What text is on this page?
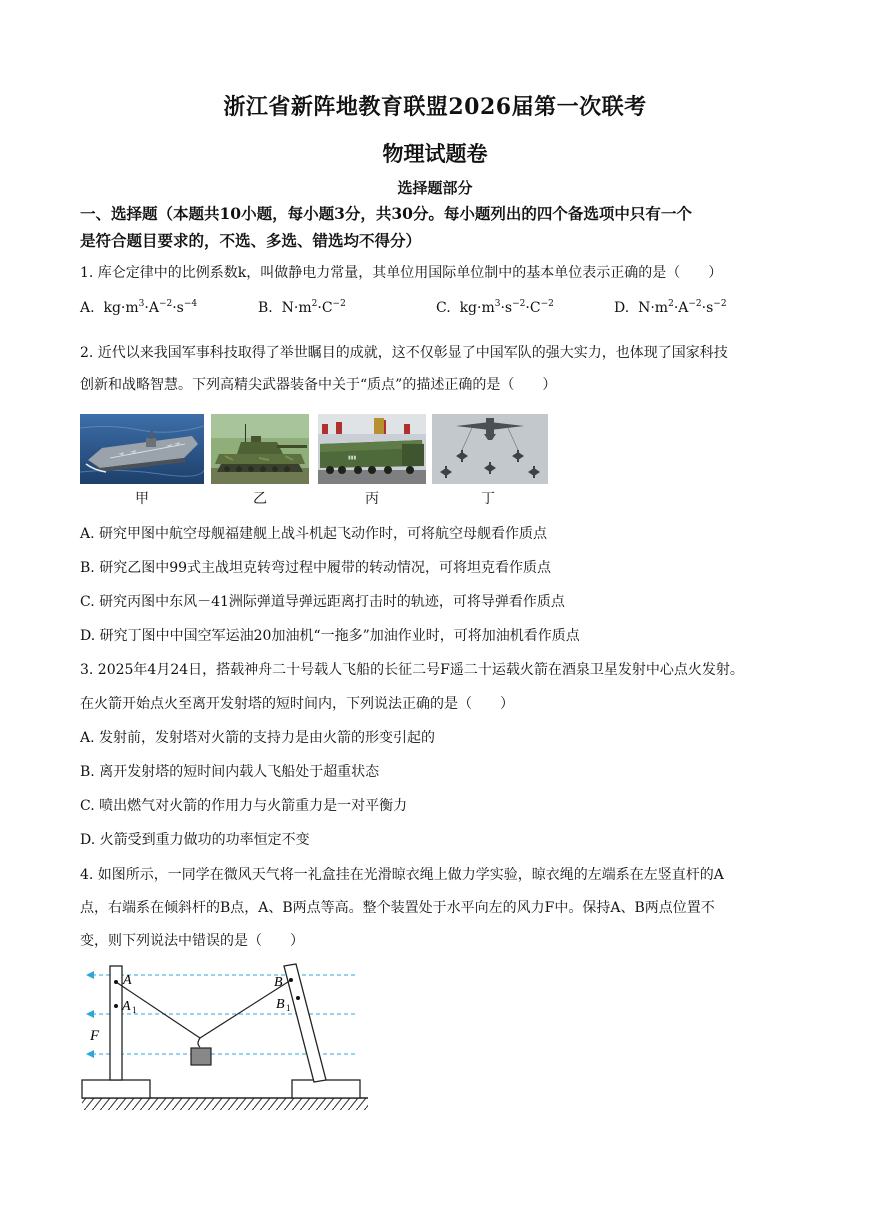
浙江省新阵地教育联盟2026届第一次联考
物理试题卷
选择题部分
一、选择题（本题共10小题，每小题3分，共30分。每小题列出的四个备选项中只有一个
是符合题目要求的，不选、多选、错选均不得分）
1. 库仑定律中的比例系数k，叫做静电力常量，其单位用国际单位制中的基本单位表示正确的是（　　）
A. $kg\cdot m^3\cdot A^{-2}\cdot s^{-4}$	B. $N\cdot m^2\cdot C^{-2}$	C. $kg\cdot m^3\cdot s^{-2}\cdot C^{-2}$	D. $N\cdot m^2\cdot A^{-2}\cdot s^{-2}$
2. 近代以来我国军事科技取得了举世瞩目的成就，这不仅彰显了中国军队的强大实力，也体现了国家科技
创新和战略智慧。下列高精尖武器装备中关于“质点”的描述正确的是（　　）
▮▮▮
甲	乙	丙	丁
A. 研究甲图中航空母舰福建舰上战斗机起飞动作时，可将航空母舰看作质点
B. 研究乙图中99式主战坦克转弯过程中履带的转动情况，可将坦克看作质点
C. 研究丙图中东风－41洲际弹道导弹远距离打击时的轨迹，可将导弹看作质点
D. 研究丁图中中国空军运油20加油机“一拖多”加油作业时，可将加油机看作质点
3. 2025年4月24日，搭载神舟二十号载人飞船的长征二号F遥二十运载火箭在酒泉卫星发射中心点火发射。
在火箭开始点火至离开发射塔的短时间内，下列说法正确的是（　　）
A. 发射前，发射塔对火箭的支持力是由火箭的形变引起的
B. 离开发射塔的短时间内载人飞船处于超重状态
C. 喷出燃气对火箭的作用力与火箭重力是一对平衡力
D. 火箭受到重力做功的功率恒定不变
4. 如图所示，一同学在微风天气将一礼盒挂在光滑晾衣绳上做力学实验，晾衣绳的左端系在左竖直杆的A
点，右端系在倾斜杆的B点，A、B两点等高。整个装置处于水平向左的风力F中。保持A、B两点位置不
变，则下列说法中错误的是（　　）
A
A 1
B
B 1
F
